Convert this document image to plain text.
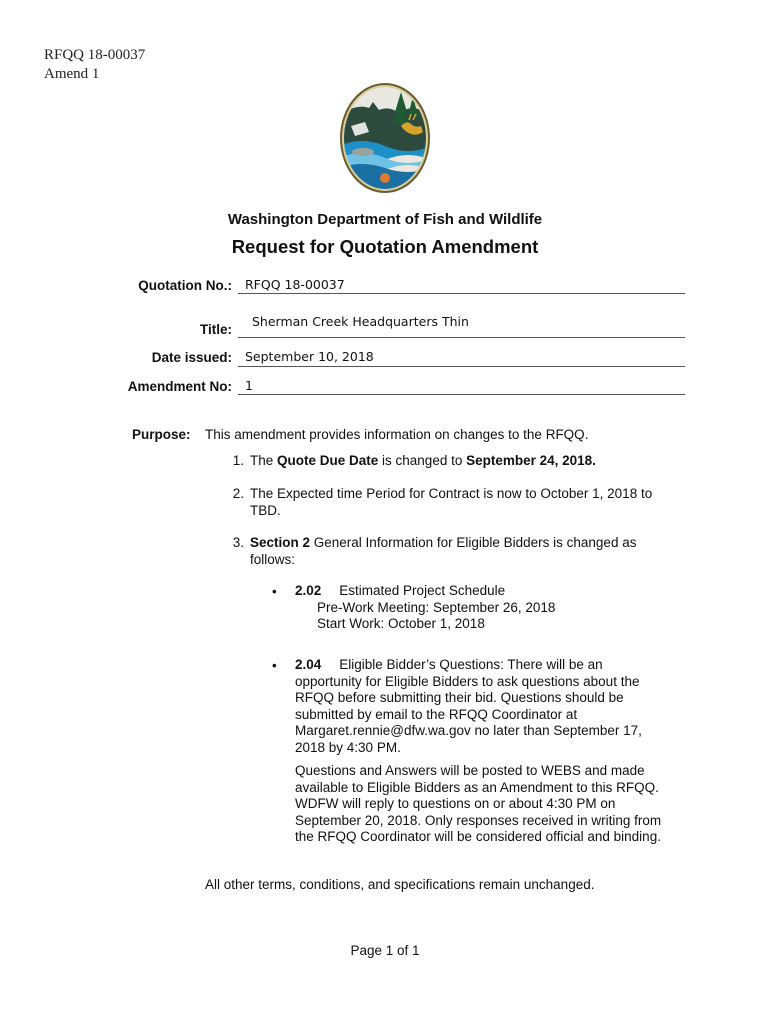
RFQQ 18-00037
Amend 1
Washington Department of Fish and Wildlife
Request for Quotation Amendment
Quotation No.: RFQQ 18-00037
Title:
Sherman Creek Headquarters Thin
Date issued: September 10, 2018
Amendment No: 1
Purpose: This amendment provides information on changes to the RFQQ.
1. The Quote Due Date is changed to September 24, 2018.
2. The Expected time Period for Contract is now to October 1, 2018 to
TBD.
3. Section 2 General Information for Eligible Bidders is changed as
follows:
• 2.02 Estimated Project Schedule
Pre-Work Meeting: September 26, 2018
Start Work: October 1, 2018
• 2.04 Eligible Bidder’s Questions: There will be an
opportunity for Eligible Bidders to ask questions about the
RFQQ before submitting their bid. Questions should be
submitted by email to the RFQQ Coordinator at
Margaret.rennie@dfw.wa.gov no later than September 17,
2018 by 4:30 PM.
Questions and Answers will be posted to WEBS and made
available to Eligible Bidders as an Amendment to this RFQQ.
WDFW will reply to questions on or about 4:30 PM on
September 20, 2018. Only responses received in writing from
the RFQQ Coordinator will be considered official and binding.
All other terms, conditions, and specifications remain unchanged.
Page 1 of 1
